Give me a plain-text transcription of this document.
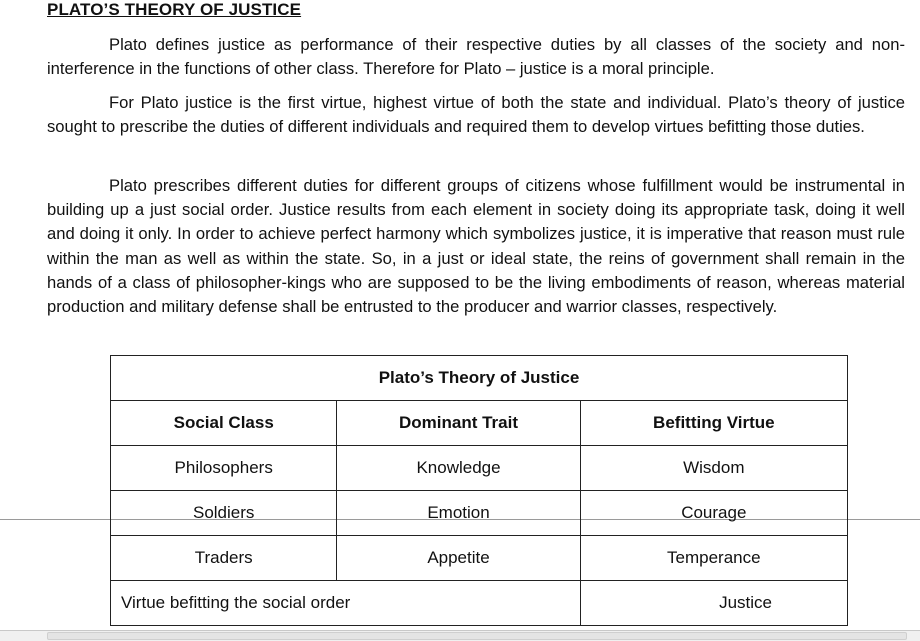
PLATO’S THEORY OF JUSTICE

Plato defines justice as performance of their respective duties by all classes of the society and non-interference in the functions of other class. Therefore for Plato – justice is a moral principle.

For Plato justice is the first virtue, highest virtue of both the state and individual. Plato’s theory of justice sought to prescribe the duties of different individuals and required them to develop virtues befitting those duties.

Plato prescribes different duties for different groups of citizens whose fulfillment would be instrumental in building up a just social order. Justice results from each element in society doing its appropriate task, doing it well and doing it only. In order to achieve perfect harmony which symbolizes justice, it is imperative that reason must rule within the man as well as within the state. So, in a just or ideal state, the reins of government shall remain in the hands of a class of philosopher-kings who are supposed to be the living embodiments of reason, whereas material production and military defense shall be entrusted to the producer and warrior classes, respectively.

Plato’s Theory of Justice		
Social Class	Dominant Trait	Befitting Virtue
Philosophers	Knowledge	Wisdom
Soldiers	Emotion	Courage
Traders	Appetite	Temperance
Virtue befitting the social order		Justice
